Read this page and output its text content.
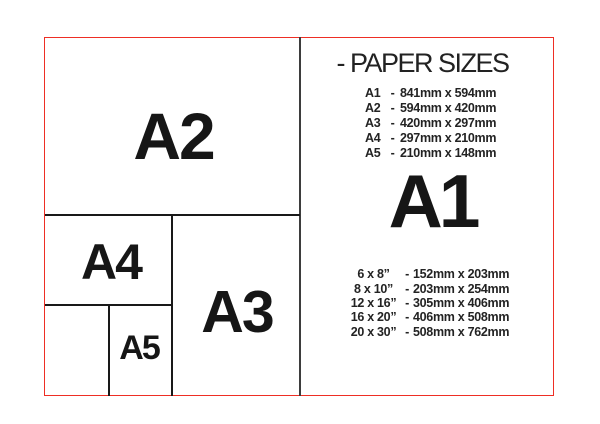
A2
A4
A3
A5
- PAPER SIZES
A1 - 841mm x 594mm
A2 - 594mm x 420mm
A3 - 420mm x 297mm
A4 - 297mm x 210mm
A5 - 210mm x 148mm
A1
6 x 8”	- 152mm x 203mm
8 x 10” - 203mm x 254mm
12 x 16” - 305mm x 406mm
16 x 20” - 406mm x 508mm
20 x 30” - 508mm x 762mm
